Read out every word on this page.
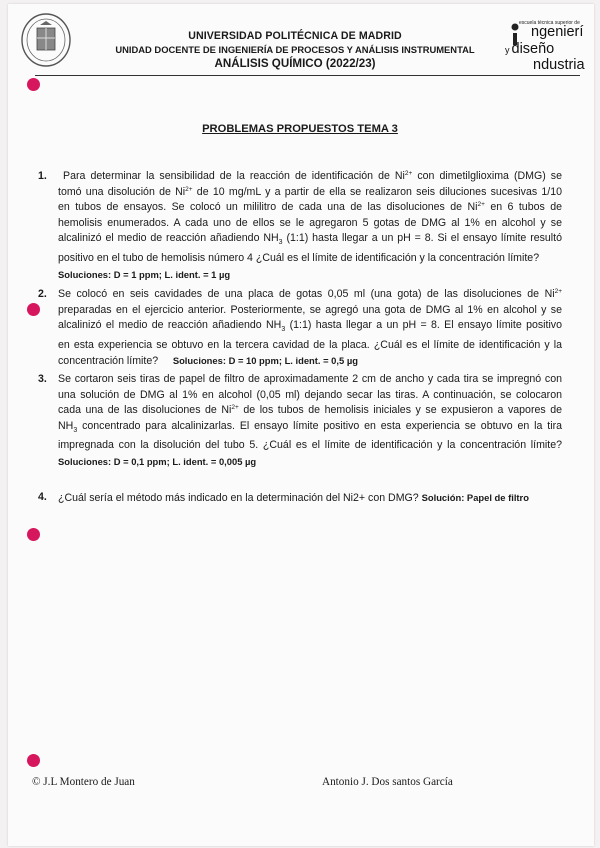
UNIVERSIDAD POLITÉCNICA DE MADRID
UNIDAD DOCENTE DE INGENIERÍA DE PROCESOS Y ANÁLISIS INSTRUMENTAL
ANÁLISIS QUÍMICO (2022/23)
escuela técnica superior de
ngenierí
y diseño
ndustria
PROBLEMAS PROPUESTOS TEMA 3
1. Para determinar la sensibilidad de la reacción de identificación de $Ni^{2+}$ con dimetilglioxima (DMG) se
tomó una disolución de $Ni^{2+}$ de 10 mg/mL y a partir de ella se realizaron seis diluciones sucesivas 1/10
en tubos de ensayos. Se colocó un mililitro de cada una de las disoluciones de $Ni^{2+}$ en 6 tubos de
hemolisis enumerados. A cada uno de ellos se le agregaron 5 gotas de DMG al 1% en alcohol y se
alcalinizó el medio de reacción añadiendo $NH_3$ (1:1) hasta llegar a un pH = 8. Si el ensayo límite resultó
positivo en el tubo de hemolisis número 4 ¿Cuál es el límite de identificación y la concentración límite?
Soluciones: D = 1 ppm; L. ident. = 1 µg
2. Se colocó en seis cavidades de una placa de gotas 0,05 ml (una gota) de las disoluciones de $Ni^{2+}$
preparadas en el ejercicio anterior. Posteriormente, se agregó una gota de DMG al 1% en alcohol y se
alcalinizó el medio de reacción añadiendo $NH_3$ (1:1) hasta llegar a un pH = 8. El ensayo límite positivo
en esta experiencia se obtuvo en la tercera cavidad de la placa. ¿Cuál es el límite de identificación y la
concentración límite?     Soluciones: D = 10 ppm; L. ident. = 0,5 µg
3. Se cortaron seis tiras de papel de filtro de aproximadamente 2 cm de ancho y cada tira se impregnó con
una solución de DMG al 1% en alcohol (0,05 ml) dejando secar las tiras. A continuación, se colocaron
cada una de las disoluciones de $Ni^{2+}$ de los tubos de hemolisis iniciales y se expusieron a vapores de
$NH_3$ concentrado para alcalinizarlas. El ensayo límite positivo en esta experiencia se obtuvo en la tira
impregnada con la disolución del tubo 5. ¿Cuál es el límite de identificación y la concentración límite?
Soluciones: D = 0,1 ppm; L. ident. = 0,005 µg
4. ¿Cuál sería el método más indicado en la determinación del Ni2+ con DMG? Solución: Papel de filtro
© J.L Montero de Juan	Antonio J. Dos santos García
